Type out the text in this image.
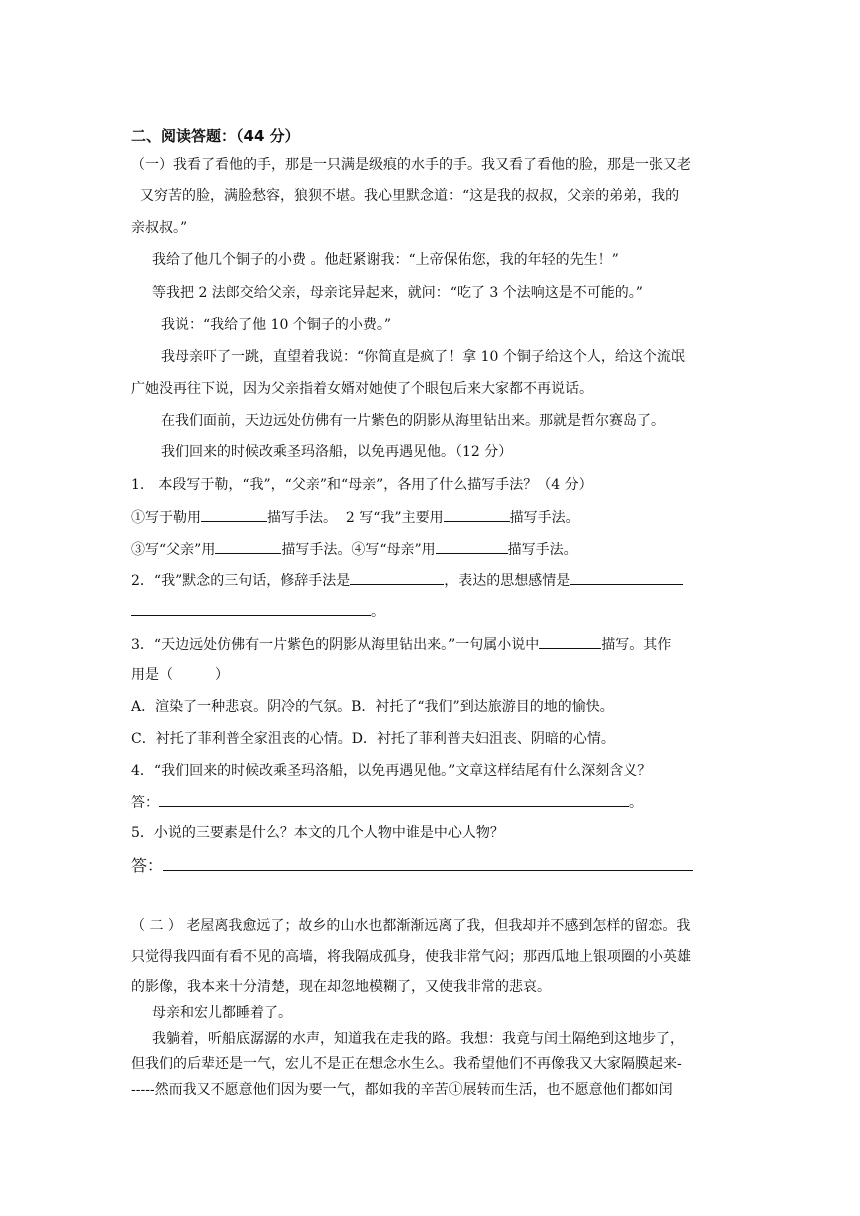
二、阅读答题：（44 分）
（一）我看了看他的手，那是一只满是级痕的水手的手。我又看了看他的脸，那是一张又老
又穷苦的脸，满脸愁容，狼狈不堪。我心里默念道：“这是我的叔叔，父亲的弟弟，我的
亲叔叔。”
我给了他几个铜子的小费 。他赶紧谢我：“上帝保佑您，我的年轻的先生！”
等我把 2 法郎交给父亲，母亲诧异起来，就问：“吃了 3 个法响这是不可能的。”
我说：“我给了他 10 个铜子的小费。”
我母亲吓了一跳，直望着我说：“你简直是疯了！拿 10 个铜子给这个人，给这个流氓
广她没再往下说，因为父亲指着女婿对她使了个眼包后来大家都不再说话。
在我们面前，天边远处仿佛有一片紫色的阴影从海里钻出来。那就是哲尔赛岛了。
我们回来的时候改乘圣玛洛船，以免再遇见他。（12 分）
1.　本段写于勒，“我”，“父亲”和“母亲”，各用了什么描写手法？（4 分）
①写于勒用	描写手法。 2 写“我”主要用	描写手法。
③写“父亲”用	描写手法。④写“母亲”用	描写手法。
2．“我”默念的三句话，修辞手法是	，表达的思想感情是
。
3．“天边远处仿佛有一片紫色的阴影从海里钻出来。”一句属小说中	描写。其作
用是（　　　）
A．渲染了一种悲哀。阴冷的气氛。B．衬托了“我们”到达旅游目的地的愉快。
C．衬托了菲利普全家沮丧的心情。D．衬托了菲利普夫妇沮丧、阴暗的心情。
4．“我们回来的时候改乘圣玛洛船，以免再遇见他。”文章这样结尾有什么深刻含义？
答：	。
5．小说的三要素是什么？本文的几个人物中谁是中心人物？
答：
（ 二 ） 老屋离我愈远了；故乡的山水也都渐渐远离了我，但我却并不感到怎样的留恋。我
只觉得我四面有看不见的高墙，将我隔成孤身，使我非常气闷；那西瓜地上银项圈的小英雄
的影像，我本来十分清楚，现在却忽地模糊了，又使我非常的悲哀。
母亲和宏儿都睡着了。
我躺着，听船底潺潺的水声，知道我在走我的路。我想：我竟与闰土隔绝到这地步了，
但我们的后辈还是一气，宏儿不是正在想念水生么。我希望他们不再像我又大家隔膜起来-
-----然而我又不愿意他们因为要一气，都如我的辛苦①展转而生活，也不愿意他们都如闰
